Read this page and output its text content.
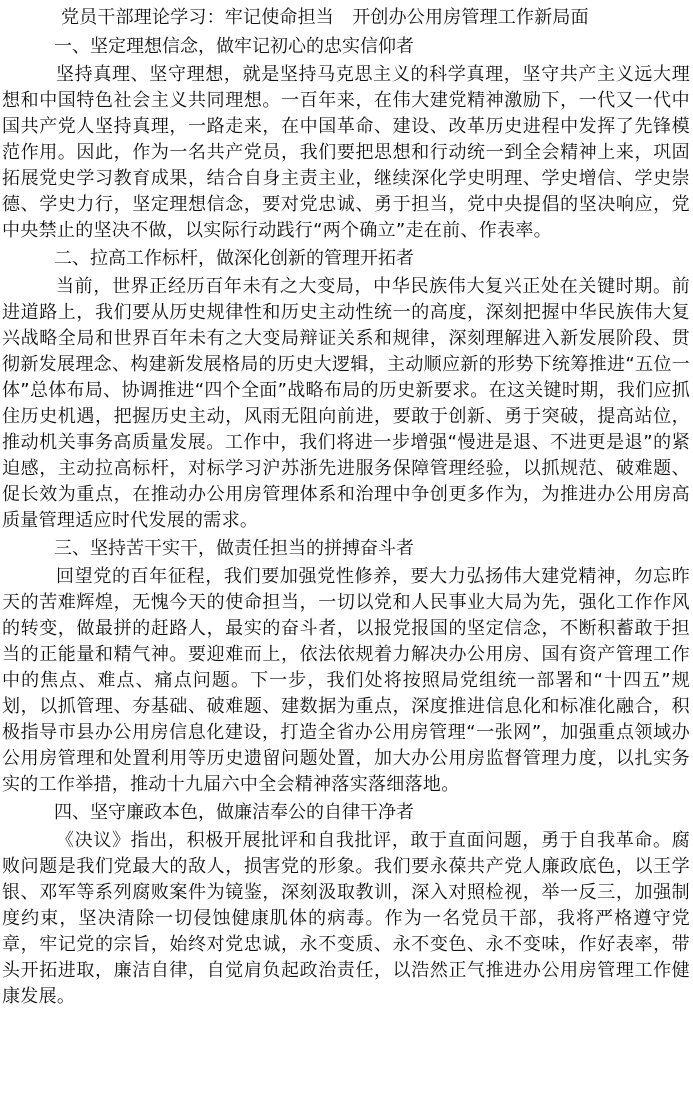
党员干部理论学习：牢记使命担当　开创办公用房管理工作新局面
一、坚定理想信念，做牢记初心的忠实信仰者

坚持真理、坚守理想，就是坚持马克思主义的科学真理，坚守共产主义远大理想和中国特色社会主义共同理想。一百年来，在伟大建党精神激励下，一代又一代中国共产党人坚持真理，一路走来，在中国革命、建设、改革历史进程中发挥了先锋模范作用。因此，作为一名共产党员，我们要把思想和行动统一到全会精神上来，巩固拓展党史学习教育成果，结合自身主责主业，继续深化学史明理、学史增信、学史崇德、学史力行，坚定理想信念，要对党忠诚、勇于担当，党中央提倡的坚决响应，党中央禁止的坚决不做，以实际行动践行“两个确立”走在前、作表率。

二、拉高工作标杆，做深化创新的管理开拓者

当前，世界正经历百年未有之大变局，中华民族伟大复兴正处在关键时期。前进道路上，我们要从历史规律性和历史主动性统一的高度，深刻把握中华民族伟大复兴战略全局和世界百年未有之大变局辩证关系和规律，深刻理解进入新发展阶段、贯彻新发展理念、构建新发展格局的历史大逻辑，主动顺应新的形势下统筹推进“五位一体”总体布局、协调推进“四个全面”战略布局的历史新要求。在这关键时期，我们应抓住历史机遇，把握历史主动，风雨无阻向前进，要敢于创新、勇于突破，提高站位，推动机关事务高质量发展。工作中，我们将进一步增强“慢进是退、不进更是退”的紧迫感，主动拉高标杆，对标学习沪苏浙先进服务保障管理经验，以抓规范、破难题、促长效为重点，在推动办公用房管理体系和治理中争创更多作为，为推进办公用房高质量管理适应时代发展的需求。

三、坚持苦干实干，做责任担当的拼搏奋斗者

回望党的百年征程，我们要加强党性修养，要大力弘扬伟大建党精神，勿忘昨天的苦难辉煌，无愧今天的使命担当，一切以党和人民事业大局为先，强化工作作风的转变，做最拼的赶路人，最实的奋斗者，以报党报国的坚定信念，不断积蓄敢于担当的正能量和精气神。要迎难而上，依法依规着力解决办公用房、国有资产管理工作中的焦点、难点、痛点问题。下一步，我们处将按照局党组统一部署和“十四五”规划，以抓管理、夯基础、破难题、建数据为重点，深度推进信息化和标准化融合，积极指导市县办公用房信息化建设，打造全省办公用房管理“一张网”，加强重点领域办公用房管理和处置利用等历史遗留问题处置，加大办公用房监督管理力度，以扎实务实的工作举措，推动十九届六中全会精神落实落细落地。

四、坚守廉政本色，做廉洁奉公的自律干净者

《决议》指出，积极开展批评和自我批评，敢于直面问题，勇于自我革命。腐败问题是我们党最大的敌人，损害党的形象。我们要永葆共产党人廉政底色，以王学银、邓军等系列腐败案件为镜鉴，深刻汲取教训，深入对照检视，举一反三，加强制度约束，坚决清除一切侵蚀健康肌体的病毒。作为一名党员干部，我将严格遵守党章，牢记党的宗旨，始终对党忠诚，永不变质、永不变色、永不变味，作好表率，带头开拓进取，廉洁自律，自觉肩负起政治责任，以浩然正气推进办公用房管理工作健康发展。
